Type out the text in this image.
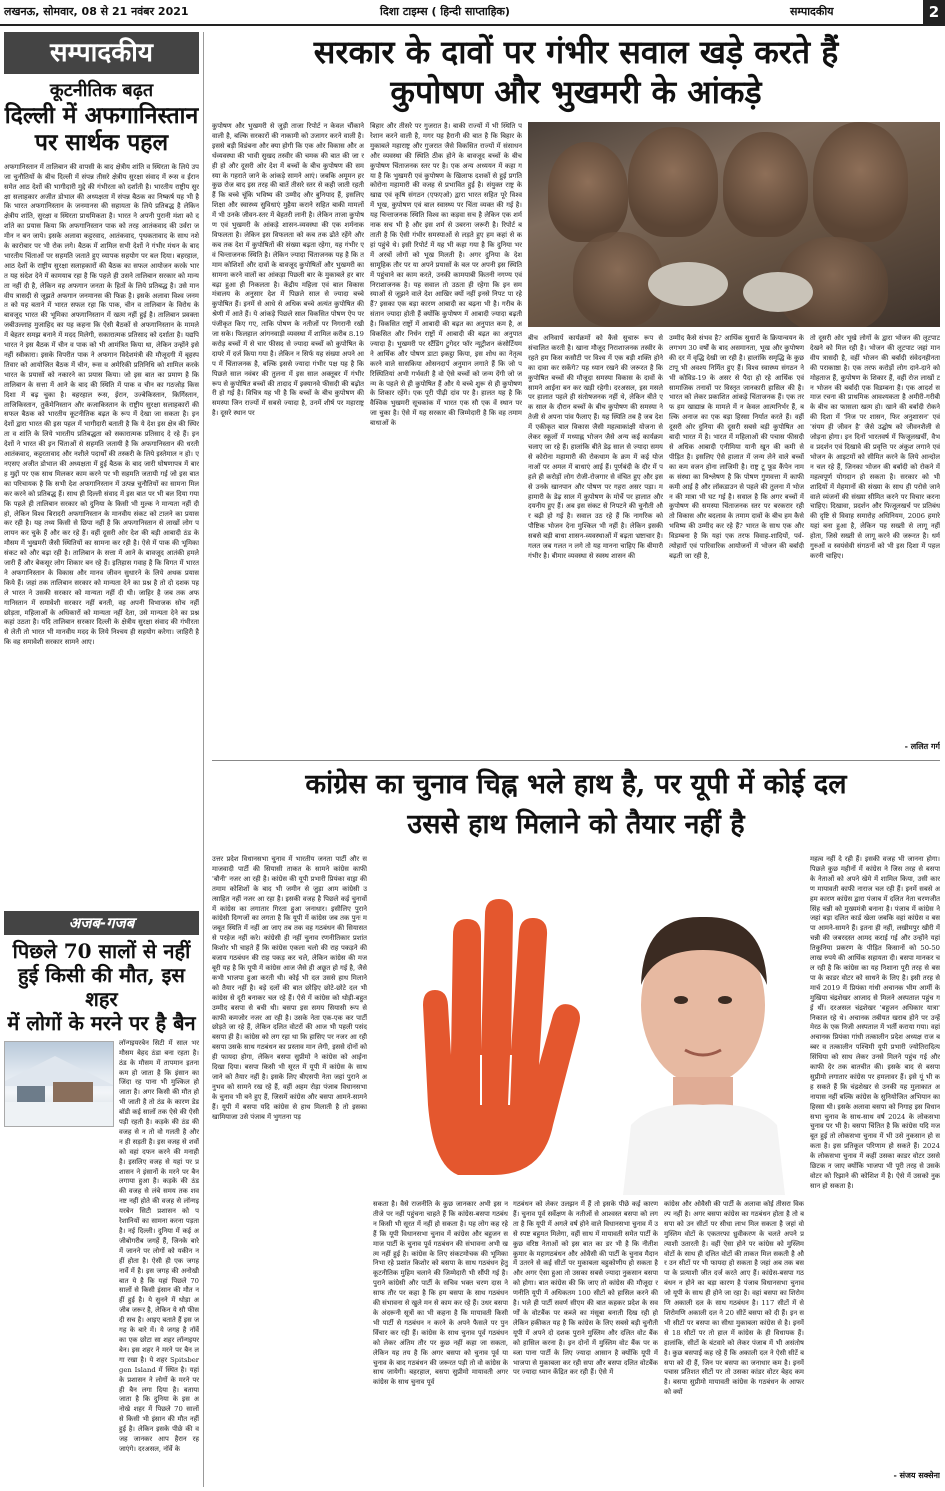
लखनऊ, सोमवार, 08 से 21 नवंबर 2021	दिशा टाइम्स ( हिन्दी साप्ताहिक)	सम्पादकीय	2
सम्पादकीय
कूटनीतिक बढ़त
दिल्ली में अफगानिस्तान
पर सार्थक पहल
अफगानिस्तान में तालिबान की वापसी के बाद क्षेत्रीय शांति व स्थिरता के लिये उपजा चुनौतियों के बीच दिल्ली में संपन्न तीसरे क्षेत्रीय सुरक्षा संवाद में रूस व ईरान समेत आठ देशों की भागीदारी मुद्दे की गंभीरता को दर्शाती है। भारतीय राष्ट्रीय सुरक्षा सलाहकार अजीत डोभाल की अध्यक्षता में संपन्न बैठक का निष्कर्ष यह भी है कि भारत अफगानिस्तान के जनमानस की सहायता के लिये प्रतिबद्ध है लेकिन क्षेत्रीय शांति, सुरक्षा व स्थिरता प्राथमिकता है। भारत ने अपनी पुरानी मंशा को दर्शाते का प्रयास किया कि अफगानिस्तान पाक को तरह आतंकवाद की उर्वरा जमीन न बन जाये। इसके अलावा कट्टरवाद, आतंकवाद, पृथकतावाद के साथ नशे के कारोबार पर भी रोक लगे। बैठक में शामिल सभी देशों ने गंभीर मंथन के बाद भारतीय चिंताओं पर सहमति जताते हुए व्यापक सहयोग पर बल दिया। बहरहाल, आठ देशों के राष्ट्रीय सुरक्षा सलाहकारों की बैठक का सफल आयोजन करके भारत यह संदेश देने में कामयाब रहा है कि पहले ही उसने तालिबान सरकार को मान्यता नहीं दी है, लेकिन वह अफगान जनता के हितों के लिये प्रतिबद्ध है। उसे मानवीय त्रासदी से जूझते अफगान जनमानस की फिक्र है। इसके अलावा विश्व जनमत को यह बताने में भारत सफल रहा कि पाक, चीन व तालिबान के विरोध के बावजूद भारत की भूमिका अफगानिस्तान में खत्म नहीं हुई है। तालिबान प्रवक्ता जबीउल्लाह मुजाहिद का यह कहना कि ऐसी बैठकों से अफगानिस्तान के मामले में बेहतर समझ बनाने में मदद मिलेगी, सकारात्मक प्रतिसाद को दर्शाता है। यद्यपि भारत ने इस बैठक में चीन व पाक को भी आमंत्रित किया था, लेकिन उन्होंने इसे नहीं स्वीकारा। इसके विपरीत पाक ने अफगान विदेशमंत्री की मौजूदगी में बृहस्पतिवार को आयोजित बैठक में चीन, रूस व अमेरिकी प्रतिनिधि को शामिल करके भारत के प्रयासों को नकारने का प्रयास किया। जो इस बात का प्रमाण है कि तालिबान के सत्ता में आने के बाद की स्थिति में पाक व चीन का गठजोड़ किस दिशा में बढ़ चुका है। बहरहाल रूस, ईरान, उज्बेकिस्तान, किर्गिस्तान, ताजिकिस्तान, तुर्केमेनिस्तान और कजाकिस्तान के राष्ट्रीय सुरक्षा सलाहकारों की सफल बैठक को भारतीय कूटनीतिक बढ़त के रूप में देखा जा सकता है। इन देशों द्वारा भारत की इस पहल में भागीदारी बताती है कि ये देश इस क्षेत्र की स्थिरता व शांति के लिये भारतीय प्रतिबद्धता को सकारात्मक प्रतिसाद दे रहे हैं। इन देशों ने भारत की इन चिंताओं से सहमति जतायी है कि अफगानिस्तान की धरती आतंकवाद, कट्टरतावाद और नशीले पदार्थों की तस्करी के लिये इस्तेमाल न हो। एनएसए अजीत डोभाल की अध्यक्षता में हुई बैठक के बाद जारी घोषणापत्र में बारह मुद्दों पर एक साथ मिलकर काम करने पर भी सहमति जतायी गई जो इस बात का परिचायक है कि सभी देश अफगानिस्तान में उत्पन्न चुनौतियों का सामना मिलकर करने को प्रतिबद्ध हैं। साथ ही दिल्ली संवाद में इस बात पर भी बल दिया गया कि पहले ही तालिबान सरकार को दुनिया के किसी भी मुल्क ने मान्यता नहीं दी हो, लेकिन विश्व बिरादरी अफगानिस्तान के मानवीय संकट को टालने का प्रयास कर रही है। यह तथ्य किसी से छिपा नहीं है कि अफगानिस्तान से लाखों लोग पलायन कर चुके हैं और कर रहे हैं। वहीं दूसरी ओर देश की बड़ी आबादी ठंड के मौसम में भुखमरी जैसी स्थितियों का सामना कर रही है। ऐसे में पाक की भूमिका संकट को और बढ़ा रही है। तालिबान के सत्ता में आने के बावजूद आतंकी हमले जारी हैं और बेकसूर लोग शिकार बन रहे हैं। इतिहास गवाह है कि विगत में भारत ने अफगानिस्तान के विकास और मानव जीवन सुधारने के लिये अथक प्रयास किये हैं। जहां तक तालिबान सरकार को मान्यता देने का प्रश्न है तो दो दशक पहले भारत ने उसकी सरकार को मान्यता नहीं दी थी। जाहिर है जब तक अफगानिस्तान में समावेशी सरकार नहीं बनती, वह अपनी विभाजक सोच नहीं छोड़ता, महिलाओं के अधिकारों को मान्यता नहीं देता, उसे मान्यता देने का प्रश्न कहां उठता है। यदि तालिबान सरकार दिल्ली के क्षेत्रीय सुरक्षा संवाद की गंभीरता से लेती तो भारत भी मानवीय मदद के लिये निश्चय ही सहयोग करेगा। जाहिरी है कि वह समावेशी सरकार सामने आए।
अजब-गजब
पिछले 70 सालों से नहीं
हुई किसी की मौत, इस शहर
में लोगों के मरने पर है बैन
लॉन्गइयरबेन सिटी में साल भर मौसम बेहद ठंडा बना रहता है। ठंड के मौसम में तापमान इतना कम हो जाता है कि इंसान का जिंदा रह पाना भी मुश्किल हो जाता है। अगर किसी की मौत हो भी जाती है तो ठंड के कारण डेड बॉडी कई सालों तक ऐसे की ऐसी पड़ी रहती है। कड़के की ठंड की वजह से न तो वो गलती है और न ही सड़ती है। इस वजह से शवों को वहां दफन करने की मनाही है। इसलिए वजह से यहां पर प्रशासन ने इंसानों के मरने पर बैन लगाया हुआ है। कड़के की ठंड की वजह से लंबे समय तक शव नष्ट नहीं होते की वजह से लॉन्गइयरबेन सिटी प्रशासन को परेशानियों का सामना करना पड़ता है। नई दिल्ली। दुनिया में कई अजीबोगरीब जगहें हैं, जिनके बारे में जानने पर लोगों को यकीन नहीं होता है। ऐसी ही एक जगह नार्वे में है। इस जगह की अनोखी बात ये है कि यहां पिछले 70 सालों से किसी इंसान की मौत नहीं हुई है। ये सुनने में थोड़ा अजीब जरूर है, लेकिन ये सौ फीसदी सच है। आइए बताते हैं इस जगह के बारे में। ये जगह है नॉर्वे का एक छोटा सा शहर लॉन्गइयरबेन। इस शहर ने मरने पर बैन लगा रखा है। ये शहर Spitsbergen Island में स्थित है। यहां के प्रशासन ने लोगों के मरने पर ही बैन लगा दिया है। बताया जाता है कि दुनिया के इस अनोखे शहर में पिछले 70 सालों से किसी भी इंसान की मौत नहीं हुई है। लेकिन इसके पीछे की वजह जानकर आप हैरान रह जाएंगे। दरअसल, नॉर्वे के
सरकार के दावों पर गंभीर सवाल खड़े करते हैं
कुपोषण और भुखमरी के आंकड़े
कुपोषण और भुखमरी से जुड़ी ताजा रिपोर्ट न केवल चौंकाने वाली है, बल्कि सरकारों की नाकामी को उजागर करने वाली है। इससे बड़ी विडंबना और क्या होगी कि एक ओर विकास और अर्थव्यवस्था की भावी सुखद तस्वीर की चमक की बात की जा रही हो और दूसरी ओर देश में बच्चों के बीच कुपोषण की समस्या के गहराते जाने के आंकड़े सामने आएं। जबकि अमूमन हर कुछ रोज बाद इस तरह की बातें तीसरे स्तर से कही जाती रहती हैं कि बच्चे चूंकि भविष्य की उम्मीद और बुनियाद हैं, इसलिए शिक्षा और स्वास्थ्य सुविधाएं मुहैया कराने सहित बाकी मामलों में भी उनके जीवन-स्तर में बेहतरी लानी है। लेकिन ताजा कुपोषण एवं भुखमरी के आंकड़े शासन-व्यवस्था की एक शर्मनाक विफलता है। लेकिन इस विफलता को कब तक ढोते रहेंगे और कब तक देश में कुपोषितों की संख्या बढ़ता रहेगा, यह गंभीर एवं चिन्ताजनक स्थिति है। लेकिन ज्यादा चिंताजनक यह है कि तमाम कोशिशों और दावों के बावजूद कुपोषितों और भुखमरी का सामना करने वालों का आंकड़ा पिछली बार के मुकाबले हर बार बढ़ा हुआ ही निकलता है। केंद्रीय महिला एवं बाल विकास मंत्रालय के अनुसार देश में पिछले साल से ज्यादा बच्चे कुपोषित हैं। इनमें से आधे से अधिक बच्चे अत्यंत कुपोषित की श्रेणी में आते हैं। ये आंकड़े पिछले साल विकसित पोषण ऐप पर पंजीकृत किए गए, ताकि पोषण के नतीजों पर निगरानी रखी जा सके। फिलहाल आंगनवाड़ी व्यवस्था में शामिल करीब 8.19 करोड़ बच्चों में से चार फीसद से ज्यादा बच्चों को कुपोषित के दायरे में दर्ज किया गया है। लेकिन न सिर्फ यह संख्या अपने आप में चिंताजनक है, बल्कि इससे ज्यादा गंभीर पक्ष यह है कि पिछले साल नवंबर की तुलना में इस साल अक्तूबर में गंभीर रूप से कुपोषित बच्चों की तादाद में इक्यानवे फीसदी की बढ़ोतरी हो गई है। विचित्र यह भी है कि बच्चों के बीच कुपोषण की समस्या जिन राज्यों में सबसे ज्यादा है, उनमें शीर्ष पर महाराष्ट्र है। दूसरे स्थान पर
बिहार और तीसरे पर गुजरात है। बाकी राज्यों में भी स्थिति परेशान करने वाली है, मगर यह हैरानी की बात है कि बिहार के मुकाबले महाराष्ट्र और गुजरात जैसे विकसित राज्यों में संसाधन और व्यवस्था की स्थिति ठीक होने के बावजूद बच्चों के बीच कुपोषण चिंताजनक स्तर पर है। एक अन्य अध्ययन में कहा गया है कि भुखमरी एवं कुपोषण के खिलाफ दशकों से हुई प्रगति कोरोना महामारी की वजह से प्रभावित हुई है। संयुक्त राष्ट्र के खाद्य एवं कृषि संगठन (एफएओ) द्वारा भारत सहित पूरे विश्व में भूख, कुपोषण एवं बाल स्वास्थ्य पर चिंता व्यक्त की गई है। यह चिन्ताजनक स्थिति विश्व का कड़वा सच है लेकिन एक शर्मनाक सच भी है और इस शर्म से उबरना जरूरी है। रिपोर्ट बताती है कि ऐसी गंभीर समस्याओं से लड़ते हुए हम कहां से कहां पहुंचे थे। इसी रिपोर्ट में यह भी कहा गया है कि दुनिया भर में अरबों लोगों को भूख मिलती है। अगर दुनिया के देश सामूहिक तौर पर या अपने प्रयासों के बल पर अपनी इस स्थिति में पहुंचाने का काम करते, उनकी कामयाबी कितनी नगण्य एवं निराशाजनक है। यह सवाल तो उठता ही रहेगा कि इन समस्याओं से जूझने वाले देश आखिर क्यों नहीं इनसे निपट पा रहे हैं? इसका एक बड़ा कारण आबादी का बढ़ना भी है। गरीब के संतान ज्यादा होती हैं क्योंकि कुपोषण में आबादी ज्यादा बढ़ती है। विकसित राष्ट्रों में आबादी की बढ़त का अनुपात कम है, अविकसित और निर्धन राष्ट्रों में आबादी की बढ़त का अनुपात ज्यादा है। भुखमरी पर स्टैंडिंग टुगेदर फॉर न्यूट्रीशन कंसोर्टियम ने आर्थिक और पोषण डाटा इकट्ठा किया, इस शोध का नेतृत्व करने वाले सासकिया ओसनदार्प अनुमान लगाते हैं कि जो परिस्थितियां अभी गर्भवती है वो ऐसे बच्चों को जन्म देंगी जो जन्म के पहले से ही कुपोषित हैं और ये बच्चे शुरू से ही कुपोषण के शिकार रहेंगे। एक पूरी पीढ़ी दांव पर है। हालत यह है कि वैश्विक भुखमरी सूचकांक में भारत एक सौ एक वें स्थान पर जा चुका है। ऐसे में यह सरकार की जिम्मेदारी है कि वह तमाम बाधाओं के
बीच अनिवार्य कार्यक्रमों को कैसे सुचारू रूप से संचालित करती है। खाना मौजूद निराशाजनक तस्वीर के रहते हम किस कसौटी पर विश्व में एक बड़ी शक्ति होने का दावा कर सकेंगे? यह ध्यान रखने की जरूरत है कि कुपोषित बच्चों की मौजूदा समस्या विकास के दावों के सामने आईना बन कर खड़ी रहेगी। दरअसल, इस मसले पर हालात पहले ही संतोषजनक नहीं थे, लेकिन बीते एक साल के दौरान बच्चों के बीच कुपोषण की समस्या ने तेजी से अपना पांव फैलाए हैं। यह स्थिति तब है जब देश में एकीकृत बाल विकास जैसी महत्वाकांक्षी योजना से लेकर स्कूलों में मध्याह्न भोजन जैसे अन्य कई कार्यक्रम चलाए जा रहे हैं। हालांकि बीते डेढ़ साल से ज्यादा समय से कोरोना महामारी की रोकथाम के क्रम में कई योजनाओं पर अमल में बाधाएं आई हैं। पूर्णबंदी के दौर में पहले ही करोड़ों लोग रोजी-रोजगार से वंचित हुए और इससे उनके खानपान और पोषण पर गहरा असर पड़ा। महामारी के डेढ़ साल में कुपोषण के मोर्चे पर हालात और दयनीय हुए हैं। अब इस संकट से निपटने की चुनौती और बढ़ी हो गई है। सवाल उठ रहे हैं कि नागरिक को पौष्टिक भोजन देना मुश्किल भी नहीं है। लेकिन इसकी सबसे बड़ी बाधा शासन-व्यवस्थाओं में बढ़ता भ्रष्टाचार है। गलत जब गलत न लगे तो यह मानना चाहिए कि बीमारी गंभीर है। बीमार व्यवस्था से स्वस्थ शासन की
उम्मीद कैसे संभव है? आर्थिक सुधारों के क्रियान्वयन के लगभग 30 वर्षों के बाद असमानता, भूख और कुपोषण की दर में वृद्धि देखी जा रही है। हालांकि समृद्धि के कुछ टापू भी अवश्य निर्मित हुए हैं। विश्व स्वास्थ्य संगठन ने भी कोविड-19 के असर से पैदा हो रहे आर्थिक एवं सामाजिक तनावों पर विस्तृत जानकारी हासिल की है। भारत को लेकर प्रकाशित आंकड़े चिंताजनक हैं। एक तरफ हम खाद्यान्न के मामले में न केवल आत्मनिर्भर हैं, बल्कि अनाज का एक बड़ा हिस्सा निर्यात करते हैं। वहीं दूसरी ओर दुनिया की दूसरी सबसे बड़ी कुपोषित आबादी भारत में है। भारत में महिलाओं की पचास फीसदी से अधिक आबादी एनीमिया यानी खून की कमी से पीड़ित है। इसलिए ऐसे हालात में जन्म लेने वाले बच्चों का कम वजन होना लाजिमी है। राष्ट्र टू फूड कैंपेन नामक संस्था का विश्लेषण है कि पोषण गुणवत्ता में काफी कमी आई है और लॉकडाउन से पहले की तुलना में भोजन की मात्रा भी घट गई है। सवाल है कि अगर बच्चों में कुपोषण की समस्या चिंताजनक स्तर पर बरकरार रही तो विकास और बदलाव के तमाम दावों के बीच हम कैसे भविष्य की उम्मीद कर रहे हैं? भारत के साथ एक और विडम्बना है कि यहां एक तरफ विवाह-शादियों, पर्व-त्योहारों एवं पारिवारिक आयोजनों में भोजन की बर्बादी बढ़ती जा रही है,
तो दूसरी ओर भूखे लोगों के द्वारा भोजन की लूटपाट देखने को मिल रही है। भोजन की लूटपाट जहां मानवीय त्रासदी है, वहीं भोजन की बर्बादी संवेदनहीनता की पराकाष्ठा है। एक तरफ करोड़ों लोग दाने-दाने को मोहताज हैं, कुपोषण के शिकार हैं, वहीं रोज लाखों टन भोजन की बर्बादी एक विडम्बना है। एक आदर्श समाज रचना की प्राथमिक आवश्यकता है अमीरी-गरीबी के बीच का फासला खत्म हो। खाने की बर्बादी रोकने की दिशा में 'निज पर शासन, फिर अनुशासन' एवं 'संयम ही जीवन है' जैसे उद्घोष को जीवनशैली से जोड़ना होगा। इन दिनों भारतवर्ष में फिजूलखर्ची, वैभव प्रदर्शन एवं दिखावे की प्रवृत्ति पर अंकुश लगाने एवं भोजन के आइटमों को सीमित करने के लिये आन्दोलन चल रहे हैं, जिनका भोजन की बर्बादी को रोकने में महत्वपूर्ण योगदान हो सकता है। सरकार को भी शादियों में मेहमानों की संख्या के साथ ही परोसे जाने वाले व्यंजनों की संख्या सीमित करने पर विचार करना चाहिए। दिखावा, प्रदर्शन और फिजूलखर्च पर प्रतिबंध की दृष्टि से विवाह समारोह अधिनियम, 2006 हमारे यहां बना हुआ है, लेकिन यह सख्ती से लागू नहीं होता, जिसे सख्ती से लागू करने की जरूरत है। धर्मगुरुओं व स्वयंसेवी संगठनों को भी इस दिशा में पहल करनी चाहिए।
- ललित गर्ग
कांग्रेस का चुनाव चिह्न भले हाथ है, पर यूपी में कोई दल
उससे हाथ मिलाने को तैयार नहीं है
उत्तर प्रदेश विधानसभा चुनाव में भारतीय जनता पार्टी और समाजवादी पार्टी की सियासी ताकत के सामने कांग्रेस काफी 'बौनी' नजर आ रही है। कांग्रेस की यूपी प्रभारी प्रियंका वाड्रा की तमाम कोशिशों के बाद भी जमीन से जुड़ा आम कांग्रेसी उत्साहित नहीं नजर आ रहा है। इसकी वजह है पिछले कई चुनावों में कांग्रेस का लगातार गिरता हुआ जनाधार। इसीलिए पुराने कांग्रेसी दिग्गजों का लगता है कि यूपी में कांग्रेस जब तक पुनः मजबूत स्थिति में नहीं आ जाए तब तक वह गठबंधन की सियासत से परहेज नहीं करे। कांग्रेसी ही नहीं चुनाव रणनीतिकार प्रशांत किशोर भी चाहते हैं कि कांग्रेस एकला चलो की राह पकड़ने की बजाय गठबंधन की राह पकड़ कर चले, लेकिन कांग्रेस की मजबूरी यह है कि यूपी में कांग्रेस आज जैसे ही अछूत हो गई है, जैसे कभी भाजपा हुआ करती थी। कोई भी दल उससे हाथ मिलाने को तैयार नहीं है। बड़े दलों की बात छोड़िए छोटे-छोटे दल भी कांग्रेस से दूरी बनाकर चल रहे हैं। ऐसे में कांग्रेस को थोड़ी-बहुत उम्मीद बसपा से बची थी। बसपा इस समय सियासी रूप से काफी कमजोर नजर आ रही है। उसके नेता एक-एक कर पार्टी छोड़ते जा रहे हैं, लेकिन दलित वोटरों की आज भी पहली पसंद बसपा ही है। कांग्रेस को लग रहा था कि हासिए पर नजर आ रही बसपा उसके साथ गठबंधन का प्रस्ताव मान लेगी, इससे दोनों को ही फायदा होगा, लेकिन बसपा सुप्रीमो ने कांग्रेस को आईना दिखा दिया। बसपा किसी भी सूरत में यूपी में कांग्रेस के साथ जाने को तैयार नहीं है। इसके लिए बीएसपी नेता जहां पुराने अनुभव को सामने रख रहे हैं, वहीं अहम रोड़ा पंजाब विधानसभा के चुनाव भी बने हुए हैं, जिसमें कांग्रेस और बसपा आमने-सामने हैं। यूपी में बसपा यदि कांग्रेस से हाथ मिलाती है तो इसका खामियाजा उसे पंजाब में भुगतना पड़
सकता है। वैसे राजनीति के कुछ जानकार अभी इस नतीजे पर नहीं पहुंचना चाहते हैं कि कांग्रेस-बसपा गठबंधन किसी भी सूरत में नहीं हो सकता है। यह लोग कह रहे हैं कि यूपी विधानसभा चुनाव में कांग्रेस और बहुजन समाज पार्टी के चुनाव पूर्व गठबंधन की संभावना अभी खत्म नहीं हुई है। कांग्रेस के लिए संकटमोचक की भूमिका निभा रहे प्रशांत किशोर को बसपा के साथ गठबंधन हेतु कूटनीतिक मुहिम चलाने की जिम्मेदारी भी सौंपी गई है। पुराने कांग्रेसी और पार्टी के सचिव भक्त चरण दास ने साफ तौर पर कहा है कि हम बसपा के साथ गठबंधन की संभावना से खुले मन से काम कर रहे हैं। उधर बसपा के अंदरूनी सूत्रों का भी कहना है कि मायावती किसी भी पार्टी से गठबंधन न करने के अपने फैसले पर पुनर्विचार कर रही हैं। कांग्रेस के साथ चुनाव पूर्व गठबंधन को लेकर अंतिम तौर पर कुछ नहीं कहा जा सकता, लेकिन यह तय है कि अगर बसपा को चुनाव पूर्व या चुनाव के बाद गठबंधन की जरूरत पड़ी तो वो कांग्रेस के साथ जायेगी। बहरहाल, बसपा सुप्रीमो मायावती अगर कांग्रेस के साथ चुनाव पूर्व
गठबंधन को लेकर उलझन में हैं तो इसके पीछे कई कारण हैं। चुनाव पूर्व सर्वेक्षण के नतीजों से आश्वस्त बसपा को लगता है कि यूपी में अगले वर्ष होने वाले विधानसभा चुनाव में उसे स्पष्ट बहुमत मिलेगा, वहीं साथ में मायावती समेत पार्टी के कुछ वरिष्ठ नेताओं को इस बात का डर भी है कि नीतीश कुमार के महागठबंधन और ओवैसी की पार्टी के चुनाव मैदान में उतरने से कई सीटों पर मुकाबला बहुकोणीय हो सकता है और अगर ऐसा हुआ तो उसका सबसे ज्यादा नुकसान बसपा को होगा। बात कांग्रेस की कि जाए तो कांग्रेस की मौजूदा रणनीति यूपी में अधिकतम 100 सीटों को हासिल करने की है। भले ही पार्टी सवर्ण सीएम की बात कहकर प्रदेश के सवर्णों के वोटबैंक पर कब्जे का मंसूबा बनाती दिख रही हो लेकिन हकीकत यह है कि कांग्रेस के लिए सबसे बड़ी चुनौती यूपी में अपने दो दशक पुराने मुस्लिम और दलित वोट बैंक को हासिल करना है। इन दोनों में मुस्लिम वोट बैंक पर कब्जा पाना पार्टी के लिए ज्यादा आसान है क्योंकि यूपी में भाजपा से मुकाबला कर रही सपा और बसपा दलित वोटबैंक पर ज्यादा ध्यान केंद्रित कर रही हैं। ऐसे में
कांग्रेस और ओवैसी की पार्टी के अलावा कोई तीसरा विकल्प नहीं है। अगर बसपा कांग्रेस का गठबंधन होता है तो बसपा को उन सीटों पर सीधा लाभ मिल सकता है जहां वो मुस्लिम वोटों के एकतरफा ध्रुवीकरण के चलते अपने प्रत्याशी उतारती है। वहीं ऐसा होने पर कांग्रेस को मुस्लिम वोटों के साथ ही दलित वोटों की ताकत मिल सकती है और उन सीटों पर भी फायदा हो सकता है जहां अब तक बसपा के प्रत्याशी जीत दर्ज करते आए हैं। कांग्रेस-बसपा गठबंधन न होने का बड़ा कारण है पंजाब विधानसभा चुनाव जो यूपी के साथ ही होने जा रहा है। वहां बसपा का शिरोमणि अकाली दल के साथ गठबंधन है। 117 सीटों में से शिरोमणि अकाली दल ने 20 सीटें बसपा को दी हैं। इन सभी सीटों पर बसपा का सीधा मुकाबला कांग्रेस से है। इनमें से 18 सीटों पर तो हाल में कांग्रेस के ही विधायक हैं। हालांकि, सीटों के बंटवारे को लेकर पंजाब में भी असंतोष है। कुछ बसपाई कह रहे हैं कि अकाली दल ने ऐसी सीटें बसपा को दी हैं, जिन पर बसपा का जनाधार कम है। इनमें पचास प्रतिशत सीटों पर तो उसका कांडर वोटर बेहद कम है। बसपा सुप्रीमो मायावती कांग्रेस के गठबंधन के आफर को क्यों
महत्व नहीं दे रही हैं। इसकी वजह भी जानना होगा। पिछले कुछ महीनों में कांग्रेस ने जिस तरह से बसपा के नेताओं को अपने खेमे में शामिल किया, उसी कारण मायावती काफी नाराज चल रही हैं। इनमें सबसे अहम कारण कांग्रेस द्वारा पंजाब में दलित नेता चरणजीत सिंह चन्नी को मुख्यमंत्री बनाना है। पंजाब में कांग्रेस ने जहां बड़ा दलित कार्ड खेला जबकि वहां कांग्रेस व बसपा आमने-सामने हैं। इतना ही नहीं, लखीमपुर खीरी में चन्नी की जबरदस्त आमद कराई गई और उन्होंने यहां तिकुनिया प्रकरण के पीड़ित किसानों को 50-50 लाख रुपये की आर्थिक सहायता दी। बसपा मानकर चल रही है कि कांग्रेस का यह निशाना पूरी तरह से बसपा के काडर वोटर को साधने के लिए है। इसी तरह से मार्च 2019 में प्रियंका गांधी अचानक भीम आर्मी के मुखिया चंद्रशेखर आजाद से मिलने अस्पताल पहुंच गई थीं। दरअसल चंद्रशेखर 'बहुजन अधिकार यात्रा' निकाल रहे थे। अचानक तबीयत खराब होने पर उन्हें मेरठ के एक निजी अस्पताल में भर्ती कराया गया। वहां अचानक प्रियंका गांधी तत्कालीन प्रदेश अध्यक्ष राज बब्बर व तत्कालीन पश्चिमी यूपी प्रभारी ज्योतिरादित्य सिंधिया को साथ लेकर उनसे मिलने पहुंच गई और काफी देर तक बातचीत की। इसके बाद से बसपा सुप्रीमो लगातार कांग्रेस पर हमलावर हैं। इसे यूं भी कह सकते हैं कि चंद्रशेखर से उनकी यह मुलाकात अनायास नहीं बल्कि कांग्रेस के सुनियोजित अभियान का हिस्सा थी। इसके अलावा बसपा को निगाह इस विधानसभा चुनाव के साथ-साथ वर्ष 2024 के लोकसभा चुनाव पर भी है। बसपा चिंतित है कि कांग्रेस यदि मजबूत हुई तो लोकसभा चुनाव में भी उसे नुकसान हो सकता है। इस प्रतिकूल परिणाम हो सकते हैं। 2024 के लोकसभा चुनाव में कहीं उसका काडर वोटर उससे छिटक न जाए क्योंकि भाजपा भी पूरी तरह से उसके वोटर को रिझाने की कोशिश में है। ऐसे में उसको नुकसान हो सकता है।
- संजय सक्सेना
